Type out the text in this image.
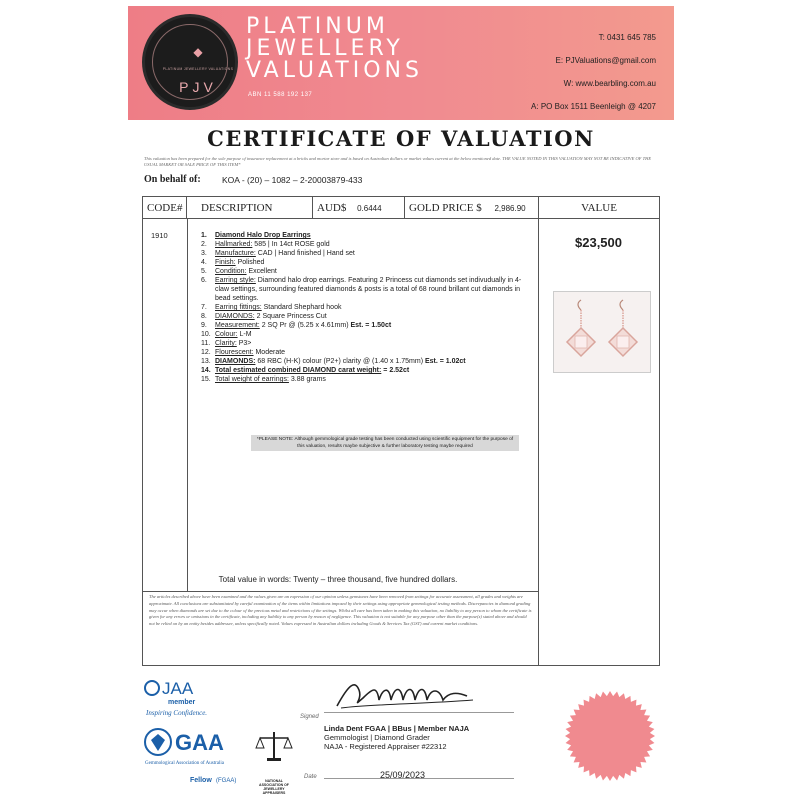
◆
PLATINUM JEWELLERY VALUATIONS
PJV
PLATINUM
JEWELLERY
VALUATIONS
ABN 11 588 192 137
T: 0431 645 785
E: PJValuations@gmail.com
W: www.bearbling.com.au
A: PO Box 1511 Beenleigh @ 4207
CERTIFICATE OF VALUATION
This valuation has been prepared for the sole purpose of insurance replacement at a bricks and mortar store and is based on Australian dollars or market values current at the below mentioned date. THE VALUE NOTED IN THIS VALUATION MAY NOT BE INDICATIVE OF THE USUAL MARKET OR SALE PRICE OF THIS ITEM*
On behalf of:	KOA - (20) – 1082 – 2-20003879-433
CODE#	DESCRIPTION	AUD$ 0.6444	GOLD PRICE $ 2,986.90	VALUE
1910	1.	Diamond Halo Drop Earrings
2.	Hallmarked: 585 | In 14ct ROSE gold
3.	Manufacture: CAD | Hand finished | Hand set
4.	Finish: Polished
5.	Condition: Excellent
6.	Earring style: Diamond halo drop earrings. Featuring 2 Princess cut diamonds set indivudually in 4-claw settings, surrounding featured diamonds & posts is a total of 68 round brillant cut diamonds in bead settings.
7.	Earring fittings: Standard Shephard hook
8.	DIAMONDS: 2 Square Princess Cut
9.	Measurement: 2 SQ Pr @ (5.25 x 4.61mm) Est. = 1.50ct
10. Colour: L-M
11. Clarity: P3>
12. Flourescent: Moderate
13. DIAMONDS: 68 RBC (H-K) colour (P2+) clarity @ (1.40 x 1.75mm) Est. = 1.02ct
14. Total estimated combined DIAMOND carat weight: = 2.52ct
15. Total weight of earrings: 3.88 grams
$23,500
*PLEASE NOTE: Although gemmological grade testing has been conducted using scientific equipment for the purpose of this valuation, results maybe subjective & further laboratory testing maybe required
Total value in words: Twenty – three thousand, five hundred dollars.
The articles described above have been examined and the values given are an expression of our opinion unless gemstones have been removed from settings for accurate assessment, all grades and weights are approximate. All conclusions are substantiated by careful examination of the items within limitations imposed by their settings using appropriate gemmological testing methods. Discrepancies in diamond grading may occur when diamonds are set due to the colour of the precious metal and restrictions of the settings. Whilst all care has been taken in making this valuation, no liability to any person to whom the certificate is given for any errors or omissions in the certificate, including any liability to any person by reason of negligence. This valuation is not suitable for any purpose other than the purpose(s) stated above and should not be relied on by an entity besides addressee, unless specifically noted. Values expressed in Australian dollars including Goods & Services Tax (GST) and current market conditions.
JAA
member
Inspiring Confidence.
GAA
Gemmological Association of Australia
Fellow (FGAA)	NATIONAL ASSOCIATION OF JEWELLERY APPRAISERS
Signed
Linda Dent FGAA | BBus | Member NAJA
Gemmologist | Diamond Grader
NAJA - Registered Appraiser #22312
Date	25/09/2023
